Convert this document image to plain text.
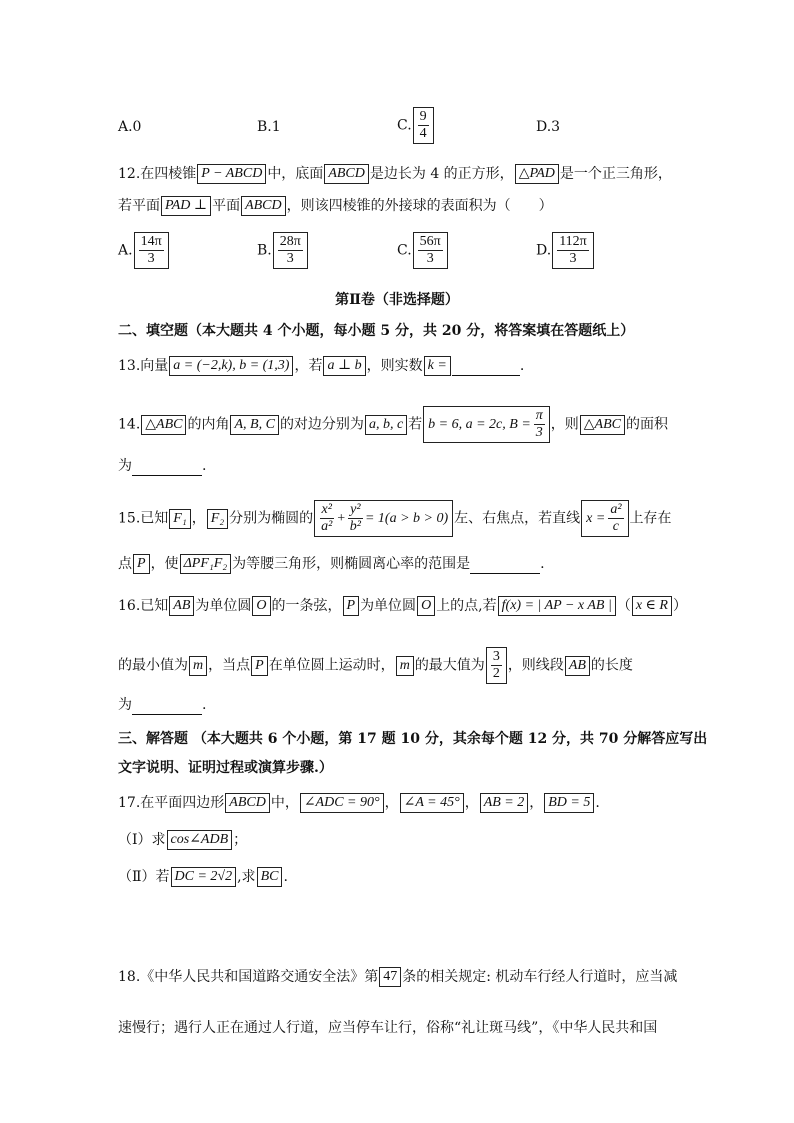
A.0	B.1	C. $\frac{9}{4}$	D.3
12.在四棱锥 P − ABCD 中，底面 ABCD 是边长为 4 的正方形， △PAD 是一个正三角形，
若平面 PAD ⊥ 平面 ABCD ，则该四棱锥的外接球的表面积为（　　）
A. $\frac{14\pi}{3}$	B. $\frac{28\pi}{3}$	C. $\frac{56\pi}{3}$	D. $\frac{112\pi}{3}$
第Ⅱ卷（非选择题）
二、填空题（本大题共 4 个小题，每小题 5 分，共 20 分，将答案填在答题纸上）
13.向量 a = (−2,k), b = (1,3) ，若 a ⊥ b ，则实数 k =	.
14. △ABC 的内角 A, B, C 的对边分别为 a, b, c 若 b = 6, a = 2c, $B = \frac{\pi}{3}$ ，则 △ABC 的面积
为	.
15.已知 F₁ ， F₂ 分别为椭圆的 $\frac{\text{x²}}{\text{a²}} + \frac{\text{y²}}{\text{b²}} = 1(a > b > 0)$ 左、右焦点，若直线 $x = \frac{\text{a²}}{c}$ 上存在
点 P ，使 ΔPF₁F₂ 为等腰三角形，则椭圆离心率的范围是	.
16.已知 AB 为单位圆 O 的一条弦， P 为单位圆 O 上的点,若 f(x) = | AP − x AB | （ x ∈ R ）
的最小值为 m ，当点 P 在单位圆上运动时， m 的最大值为 $\frac{3}{2}$ ，则线段 AB 的长度
为	.
三、解答题 （本大题共 6 个小题，第 17 题 10 分，其余每个题 12 分，共 70 分解答应写出
文字说明、证明过程或演算步骤.）
17.在平面四边形 ABCD 中， ∠ADC = 90° ， ∠A = 45° ， AB = 2 ， BD = 5 .
（Ⅰ）求 cos∠ADB ；
（Ⅱ）若 DC = 2√2 ,求 BC .
18.《中华人民共和国道路交通安全法》第 47 条的相关规定: 机动车行经人行道时，应当减
速慢行；遇行人正在通过人行道，应当停车让行，俗称“礼让斑马线”，《中华人民共和国
